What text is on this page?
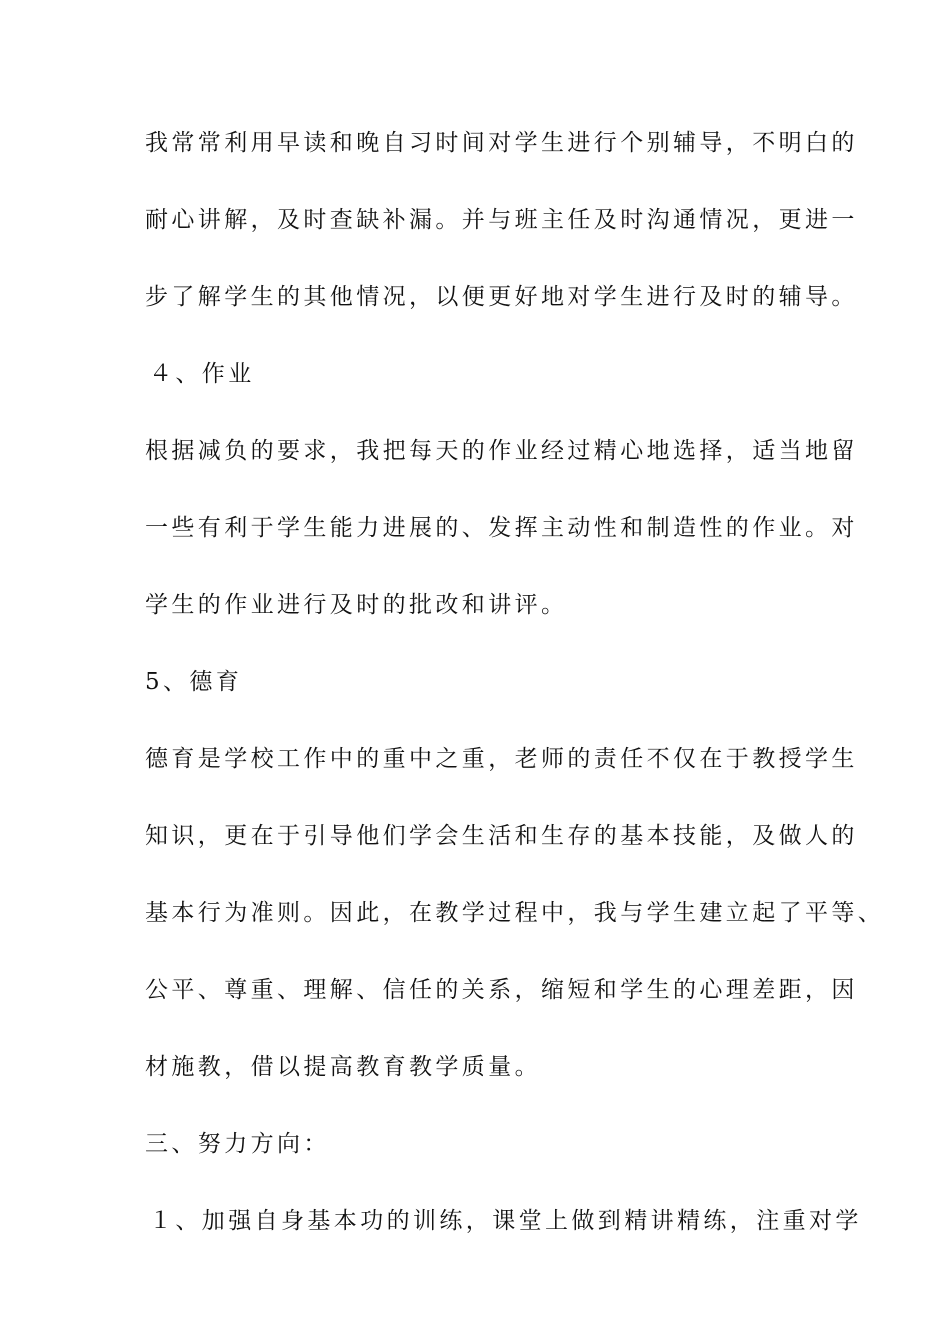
我常常利用早读和晚自习时间对学生进行个别辅导，不明白的
耐心讲解，及时查缺补漏。并与班主任及时沟通情况，更进一
步了解学生的其他情况，以便更好地对学生进行及时的辅导。
４、作业
根据减负的要求，我把每天的作业经过精心地选择，适当地留
一些有利于学生能力进展的、发挥主动性和制造性的作业。对
学生的作业进行及时的批改和讲评。
5、德育
德育是学校工作中的重中之重，老师的责任不仅在于教授学生
知识，更在于引导他们学会生活和生存的基本技能，及做人的
基本行为准则。因此，在教学过程中，我与学生建立起了平等、
公平、尊重、理解、信任的关系，缩短和学生的心理差距，因
材施教，借以提高教育教学质量。
三、努力方向：
１、加强自身基本功的训练，课堂上做到精讲精练，注重对学
